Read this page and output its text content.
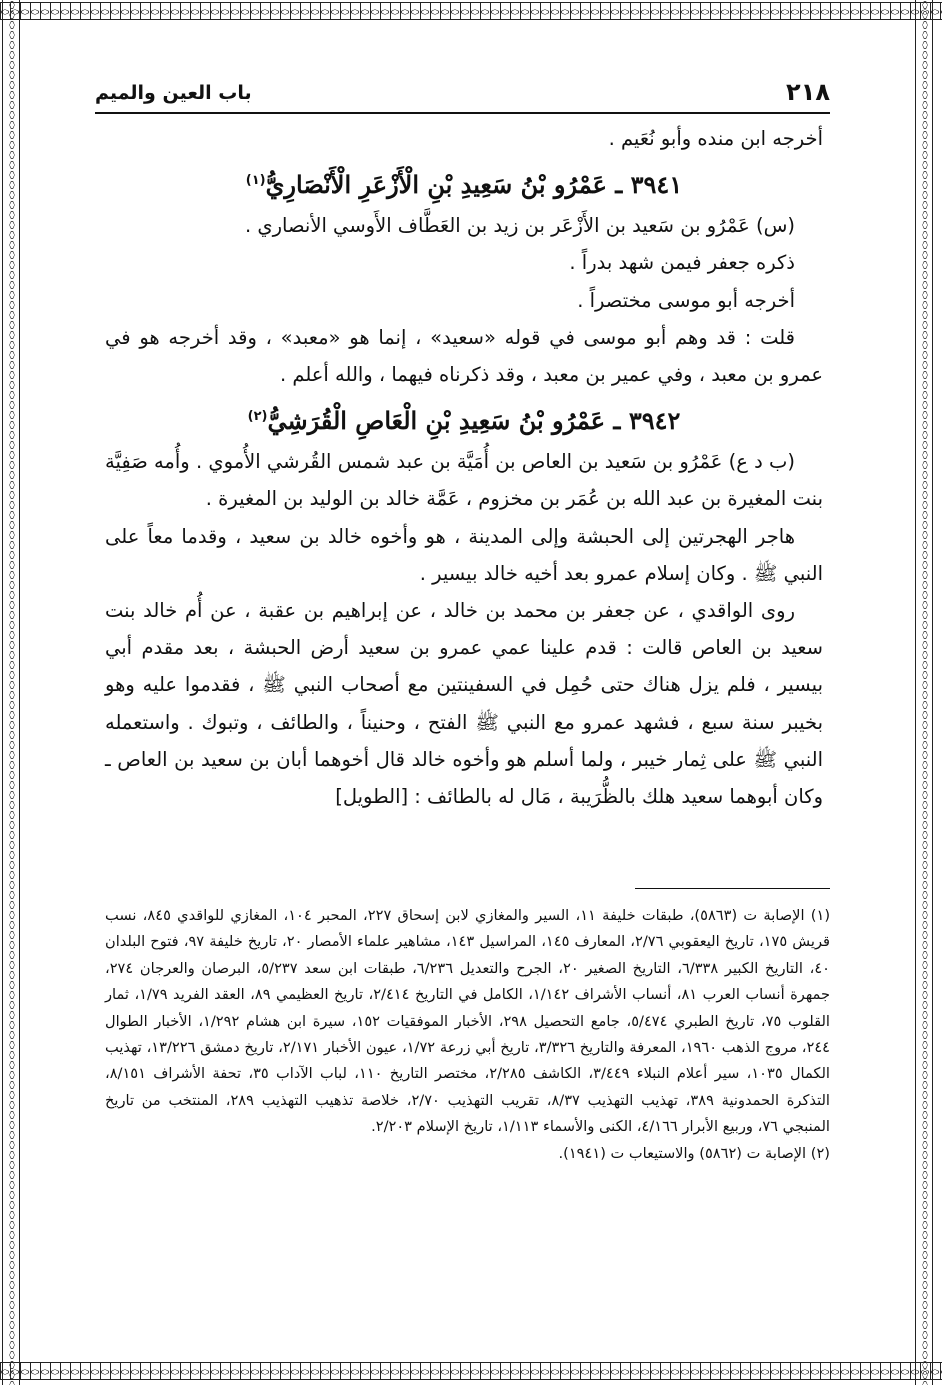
٢١٨
باب العين والميم

أخرجه ابن منده وأبو نُعَيم .

٣٩٤١ ـ عَمْرُو بْنُ سَعِيدِ بْنِ الْأَزْعَرِ الْأَنْصَارِيُّ$^{(١)}$

(س) عَمْرُو بن سَعيد بن الأَزْعَر بن زيد بن العَطَّاف الأَوسي الأنصاري .

ذكره جعفر فيمن شهد بدراً .

أخرجه أبو موسى مختصراً .

قلت : قد وهم أبو موسى في قوله «سعيد» ، إنما هو «معبد» ، وقد أخرجه هو في عمرو بن معبد ، وفي عمير بن معبد ، وقد ذكرناه فيهما ، والله أعلم .

٣٩٤٢ ـ عَمْرُو بْنُ سَعِيدِ بْنِ الْعَاصِ الْقُرَشِيُّ$^{(٢)}$

(ب د ع) عَمْرُو بن سَعيد بن العاص بن أُمَيَّة بن عبد شمس القُرشي الأُموي . وأُمه صَفِيَّة بنت المغيرة بن عبد الله بن عُمَر بن مخزوم ، عَمَّة خالد بن الوليد بن المغيرة .

هاجر الهجرتين إلى الحبشة وإلى المدينة ، هو وأخوه خالد بن سعيد ، وقدما معاً على النبي ﷺ . وكان إسلام عمرو بعد أخيه خالد بيسير .

روى الواقدي ، عن جعفر بن محمد بن خالد ، عن إبراهيم بن عقبة ، عن أُم خالد بنت سعيد بن العاص قالت : قدم علينا عمي عمرو بن سعيد أرض الحبشة ، بعد مقدم أبي بيسير ، فلم يزل هناك حتى حُمِل في السفينتين مع أصحاب النبي ﷺ ، فقدموا عليه وهو بخيبر سنة سبع ، فشهد عمرو مع النبي ﷺ الفتح ، وحنيناً ، والطائف ، وتبوك . واستعمله النبي ﷺ على ثِمار خيبر ، ولما أسلم هو وأخوه خالد قال أخوهما أبان بن سعيد بن العاص ـ وكان أبوهما سعيد هلك بالظُّرَيبة ، مَال له بالطائف : [الطويل]

(١) الإصابة ت (٥٨٦٣)، طبقات خليفة ١١، السير والمغازي لابن إسحاق ٢٢٧، المحبر ١٠٤، المغازي للواقدي ٨٤٥، نسب قريش ١٧٥، تاريخ اليعقوبي ٢/٧٦، المعارف ١٤٥، المراسيل ١٤٣، مشاهير علماء الأمصار ٢٠، تاريخ خليفة ٩٧، فتوح البلدان ٤٠، التاريخ الكبير ٦/٣٣٨، التاريخ الصغير ٢٠، الجرح والتعديل ٦/٢٣٦، طبقات ابن سعد ٥/٢٣٧، البرصان والعرجان ٢٧٤، جمهرة أنساب العرب ٨١، أنساب الأشراف ١/١٤٢، الكامل في التاريخ ٢/٤١٤، تاريخ العظيمي ٨٩، العقد الفريد ١/٧٩، ثمار القلوب ٧٥، تاريخ الطبري ٥/٤٧٤، جامع التحصيل ٢٩٨، الأخبار الموفقيات ١٥٢، سيرة ابن هشام ١/٢٩٢، الأخبار الطوال ٢٤٤، مروج الذهب ١٩٦٠، المعرفة والتاريخ ٣/٣٢٦، تاريخ أبي زرعة ١/٧٢، عيون الأخبار ٢/١٧١، تاريخ دمشق ١٣/٢٢٦، تهذيب الكمال ١٠٣٥، سير أعلام النبلاء ٣/٤٤٩، الكاشف ٢/٢٨٥، مختصر التاريخ ١١٠، لباب الآداب ٣٥، تحفة الأشراف ٨/١٥١، التذكرة الحمدونية ٣٨٩، تهذيب التهذيب ٨/٣٧، تقريب التهذيب ٢/٧٠، خلاصة تذهيب التهذيب ٢٨٩، المنتخب من تاريخ المنبجي ٧٦، وربيع الأبرار ٤/١٦٦، الكنى والأسماء ١/١١٣، تاريخ الإسلام ٢/٢٠٣.

(٢) الإصابة ت (٥٨٦٢) والاستيعاب ت (١٩٤١).
